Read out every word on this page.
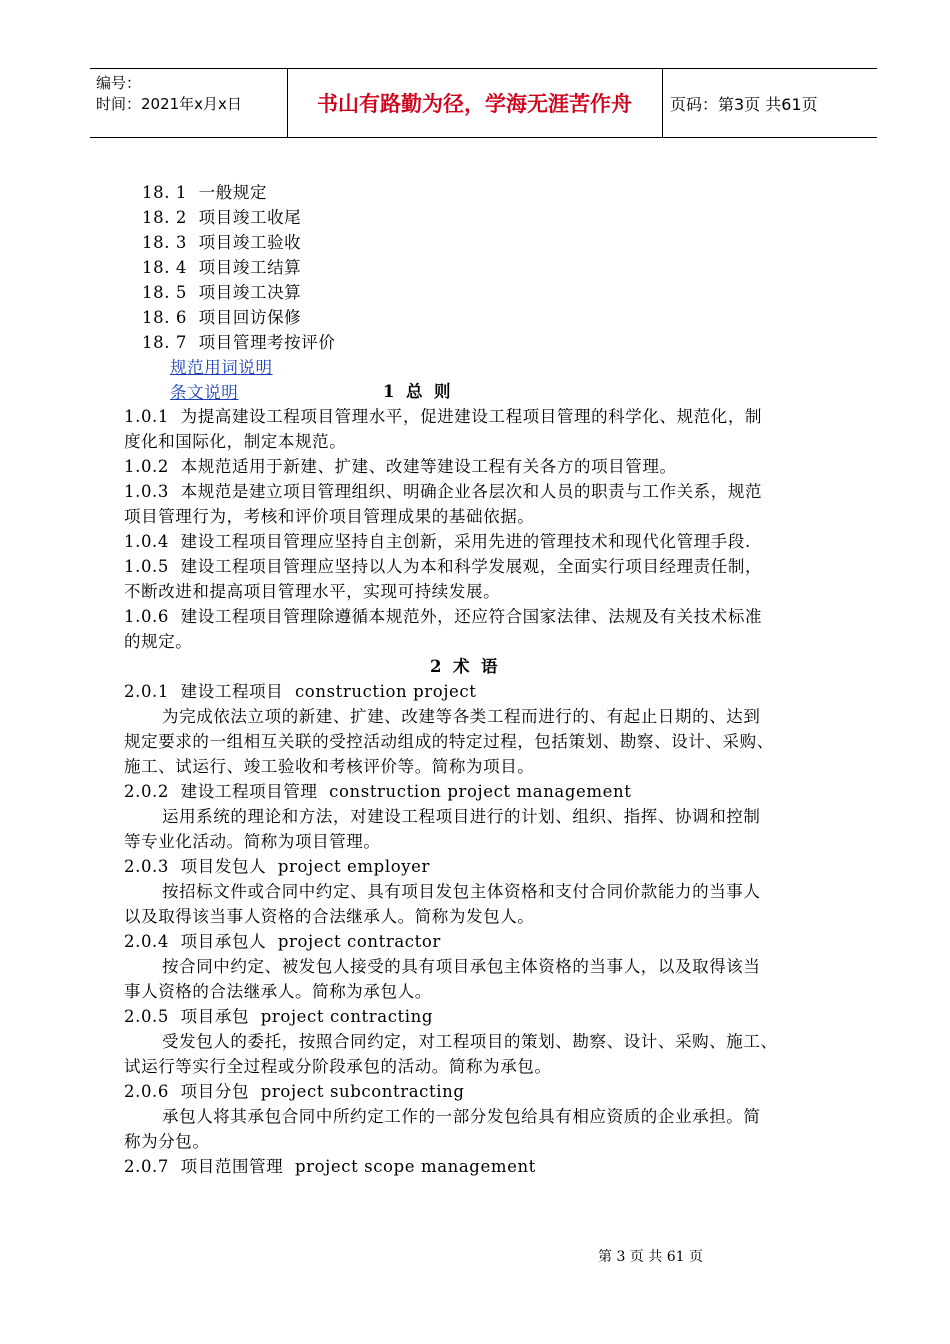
编号：
时间：2021年x月x日	书山有路勤为径，学海无涯苦作舟	页码：第3页 共61页
18. 1  一般规定
18. 2  项目竣工收尾
18. 3  项目竣工验收
18. 4  项目竣工结算
18. 5  项目竣工决算
18. 6  项目回访保修
18. 7  项目管理考按评价
规范用词说明
条文说明	1  总  则
1.0.1  为提高建设工程项目管理水平，促进建设工程项目管理的科学化、规范化，制
度化和国际化，制定本规范。
1.0.2  本规范适用于新建、扩建、改建等建设工程有关各方的项目管理。
1.0.3  本规范是建立项目管理组织、明确企业各层次和人员的职责与工作关系，规范
项目管理行为，考核和评价项目管理成果的基础依据。
1.0.4  建设工程项目管理应坚持自主创新，采用先进的管理技术和现代化管理手段.
1.0.5  建设工程项目管理应坚持以人为本和科学发展观，全面实行项目经理责任制，
不断改进和提高项目管理水平，实现可持续发展。
1.0.6  建设工程项目管理除遵循本规范外，还应符合国家法律、法规及有关技术标准
的规定。
2  术  语
2.0.1  建设工程项目  construction project
为完成依法立项的新建、扩建、改建等各类工程而进行的、有起止日期的、达到
规定要求的一组相互关联的受控活动组成的特定过程，包括策划、勘察、设计、采购、
施工、试运行、竣工验收和考核评价等。简称为项目。
2.0.2  建设工程项目管理  construction project management
运用系统的理论和方法，对建设工程项目进行的计划、组织、指挥、协调和控制
等专业化活动。简称为项目管理。
2.0.3  项目发包人  project employer
按招标文件或合同中约定、具有项目发包主体资格和支付合同价款能力的当事人
以及取得该当事人资格的合法继承人。简称为发包人。
2.0.4  项目承包人  project contractor
按合同中约定、被发包人接受的具有项目承包主体资格的当事人，以及取得该当
事人资格的合法继承人。简称为承包人。
2.0.5  项目承包  project contracting
受发包人的委托，按照合同约定，对工程项目的策划、勘察、设计、采购、施工、
试运行等实行全过程或分阶段承包的活动。简称为承包。
2.0.6  项目分包  project subcontracting
承包人将其承包合同中所约定工作的一部分发包给具有相应资质的企业承担。简
称为分包。
2.0.7  项目范围管理  project scope management
第 3 页 共 61 页
